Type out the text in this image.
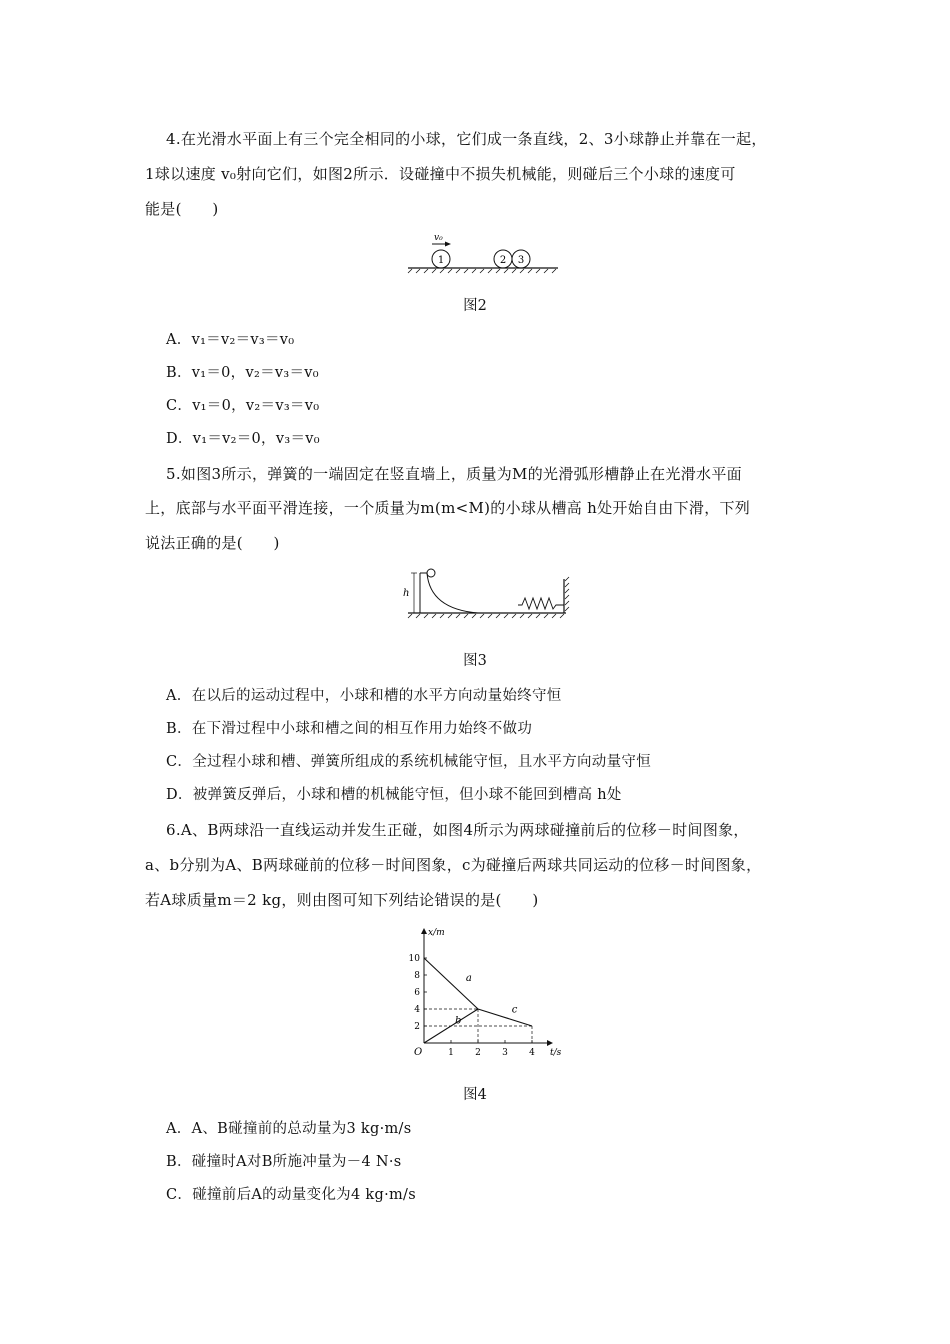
4.在光滑水平面上有三个完全相同的小球，它们成一条直线，2、3小球静止并靠在一起，
1球以速度 v₀射向它们，如图2所示．设碰撞中不损失机械能，则碰后三个小球的速度可
能是(　　)
v₀
1	2 3
图2
A．v₁＝v₂＝v₃＝v₀
B．v₁＝0，v₂＝v₃＝v₀
C．v₁＝0，v₂＝v₃＝v₀
D．v₁＝v₂＝0，v₃＝v₀
5.如图3所示，弹簧的一端固定在竖直墙上，质量为M的光滑弧形槽静止在光滑水平面
上，底部与水平面平滑连接，一个质量为m(m<M)的小球从槽高 h处开始自由下滑，下列
说法正确的是(　　)
h
图3
A．在以后的运动过程中，小球和槽的水平方向动量始终守恒
B．在下滑过程中小球和槽之间的相互作用力始终不做功
C．全过程小球和槽、弹簧所组成的系统机械能守恒，且水平方向动量守恒
D．被弹簧反弹后，小球和槽的机械能守恒，但小球不能回到槽高 h处
6.A、B两球沿一直线运动并发生正碰，如图4所示为两球碰撞前后的位移－时间图象，
a、b分别为A、B两球碰前的位移－时间图象，c为碰撞后两球共同运动的位移－时间图象，
若A球质量m＝2 kg，则由图可知下列结论错误的是(　　)
x/m
t/s
O	1 2 3 4
2
4
6
8
10
a
b
c
图4
A．A、B碰撞前的总动量为3 kg·m/s
B．碰撞时A对B所施冲量为－4 N·s
C．碰撞前后A的动量变化为4 kg·m/s
